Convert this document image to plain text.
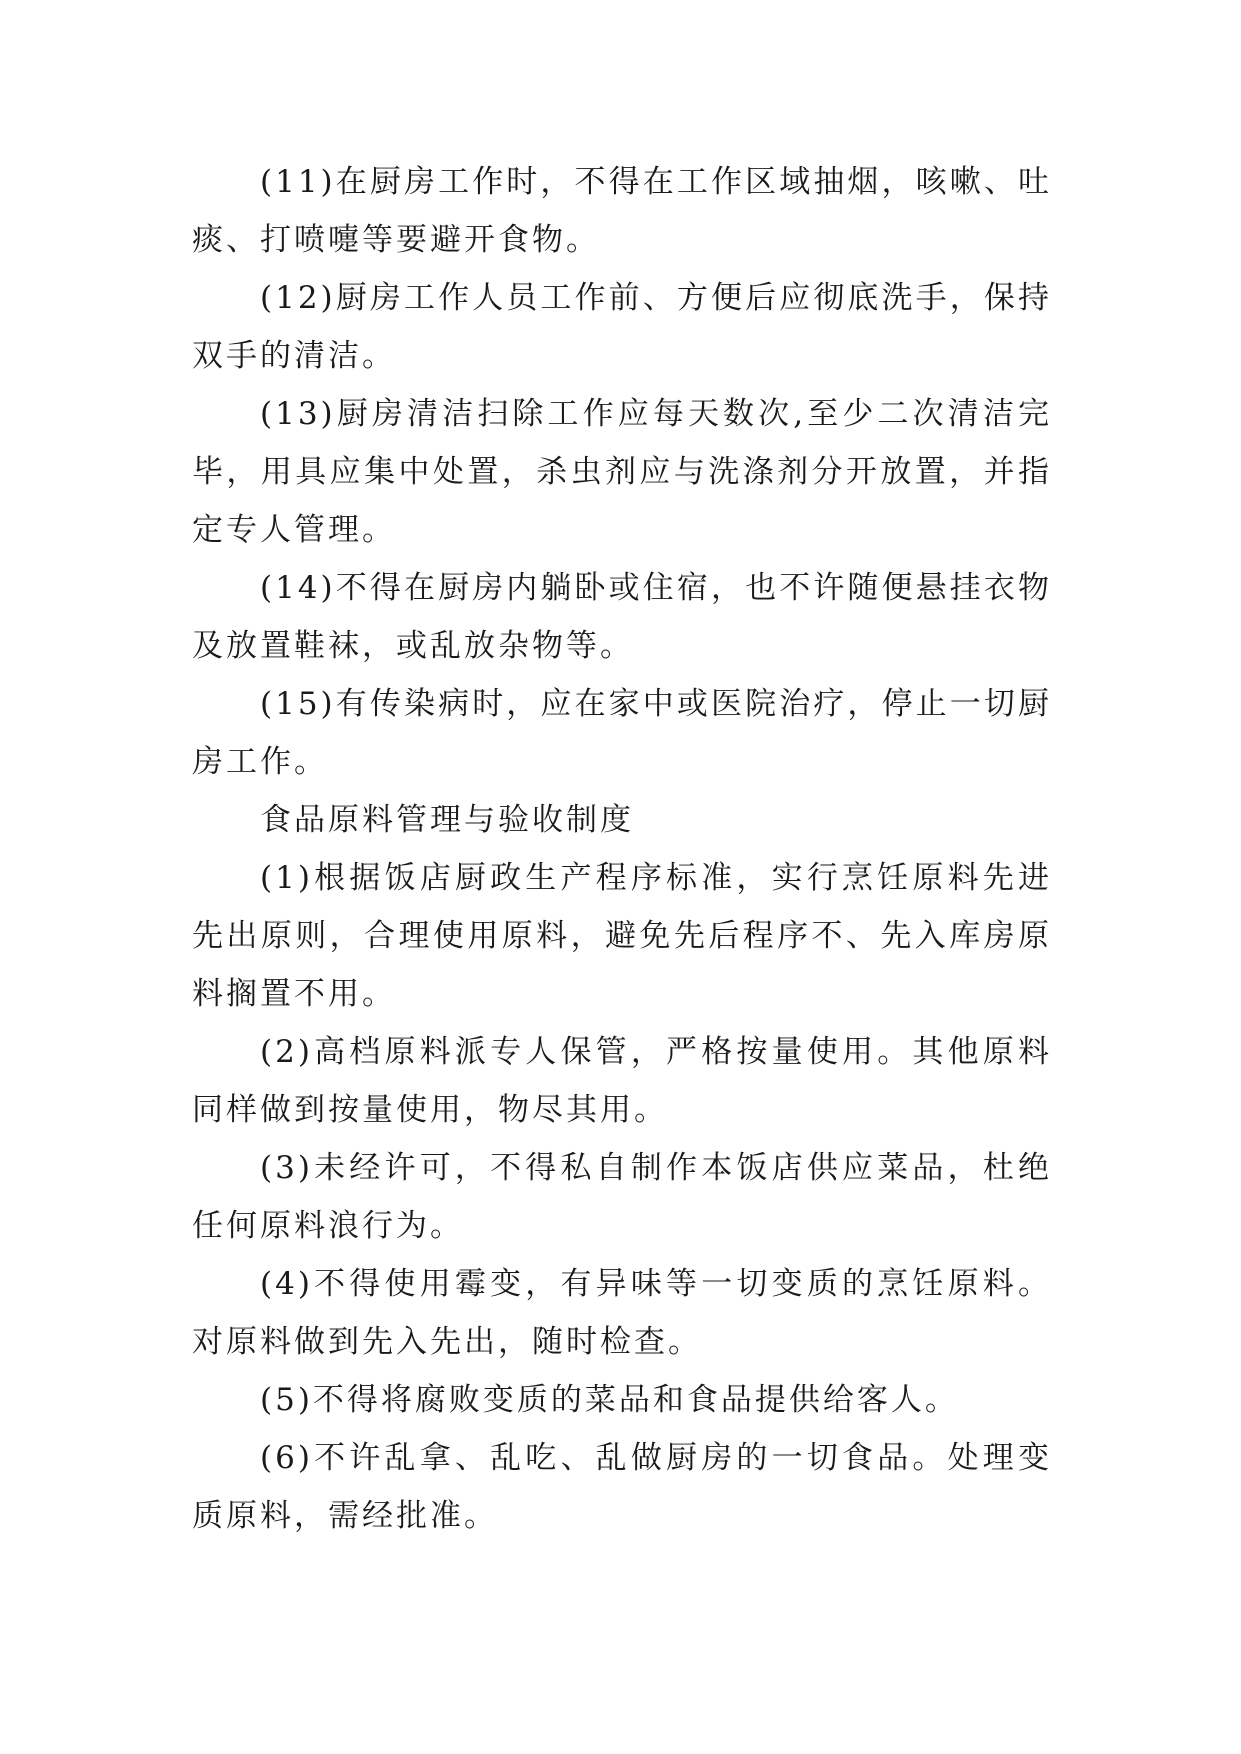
(11)在厨房工作时，不得在工作区域抽烟，咳嗽、吐痰、打喷嚏等要避开食物。

(12)厨房工作人员工作前、方便后应彻底洗手，保持双手的清洁。

(13)厨房清洁扫除工作应每天数次,至少二次清洁完毕，用具应集中处置，杀虫剂应与洗涤剂分开放置，并指定专人管理。

(14)不得在厨房内躺卧或住宿，也不许随便悬挂衣物及放置鞋袜，或乱放杂物等。

(15)有传染病时，应在家中或医院治疗，停止一切厨房工作。

食品原料管理与验收制度

(1)根据饭店厨政生产程序标准，实行烹饪原料先进先出原则，合理使用原料，避免先后程序不、先入库房原料搁置不用。

(2)高档原料派专人保管，严格按量使用。其他原料同样做到按量使用，物尽其用。

(3)未经许可，不得私自制作本饭店供应菜品，杜绝任何原料浪行为。

(4)不得使用霉变，有异味等一切变质的烹饪原料。对原料做到先入先出，随时检查。

(5)不得将腐败变质的菜品和食品提供给客人。

(6)不许乱拿、乱吃、乱做厨房的一切食品。处理变质原料，需经批准。
